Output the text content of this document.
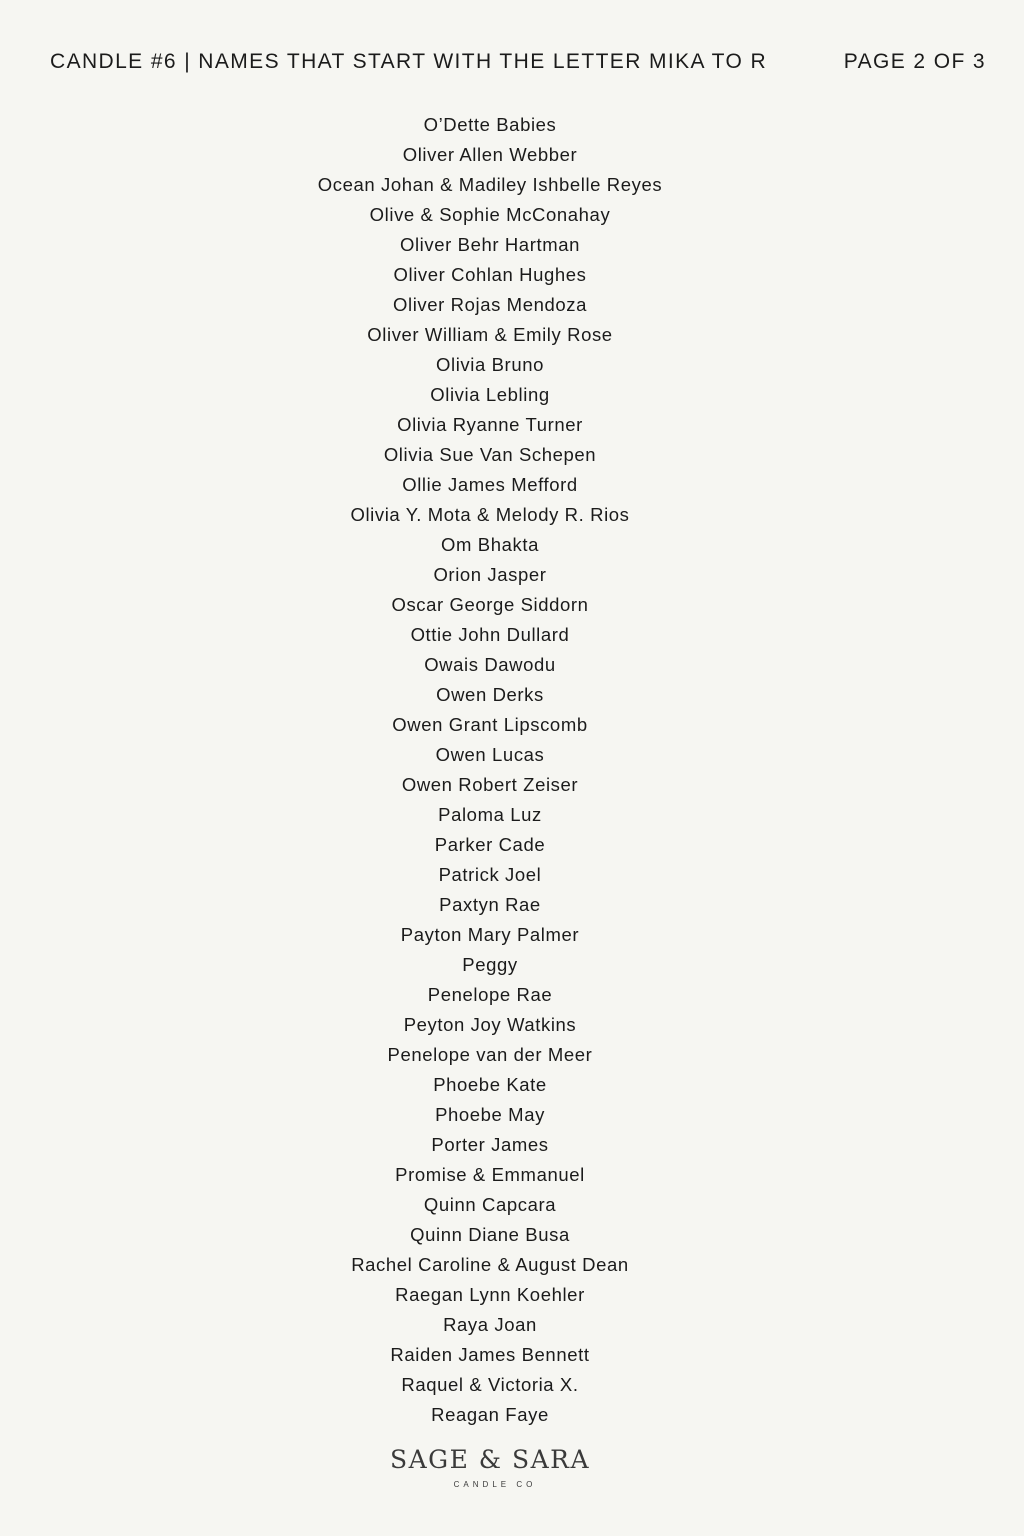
CANDLE #6 | NAMES THAT START WITH THE LETTER MIKA TO R	PAGE 2 OF 3
O’Dette Babies
Oliver Allen Webber
Ocean Johan & Madiley Ishbelle Reyes
Olive & Sophie McConahay
Oliver Behr Hartman
Oliver Cohlan Hughes
Oliver Rojas Mendoza
Oliver William & Emily Rose
Olivia Bruno
Olivia Lebling
Olivia Ryanne Turner
Olivia Sue Van Schepen
Ollie James Mefford
Olivia Y. Mota & Melody R. Rios
Om Bhakta
Orion Jasper
Oscar George Siddorn
Ottie John Dullard
Owais Dawodu
Owen Derks
Owen Grant Lipscomb
Owen Lucas
Owen Robert Zeiser
Paloma Luz
Parker Cade
Patrick Joel
Paxtyn Rae
Payton Mary Palmer
Peggy
Penelope Rae
Peyton Joy Watkins
Penelope van der Meer
Phoebe Kate
Phoebe May
Porter James
Promise & Emmanuel
Quinn Capcara
Quinn Diane Busa
Rachel Caroline & August Dean
Raegan Lynn Koehler
Raya Joan
Raiden James Bennett
Raquel & Victoria X.
Reagan Faye
SAGE & SARA
CANDLE CO
